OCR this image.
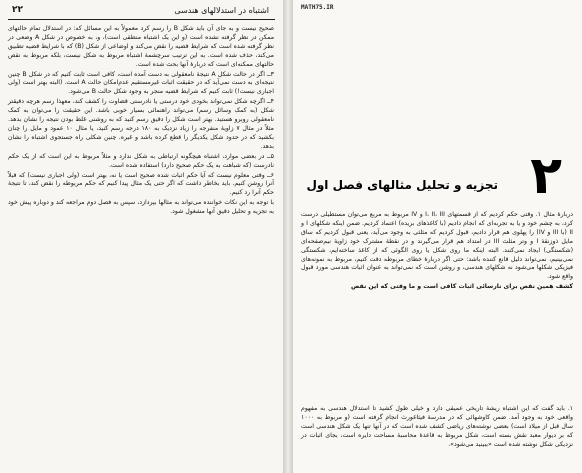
۲۲	اشتباه در استدلالهای هندسی

صحیح نیست و به جای آن باید شکل B را رسم کرد معمولاً به این مسائل که: در استدلال تمام حالتهای ممکن در نظر گرفته نشده است (و این یک اشتباه منطقی است)، و، به خصوص در شکل A وضعی در نظر گرفته شده است که شرایط قضیه را نقض می‌کند و اوضاعی از شکل (B) که با شرایط قضیه تطبیق می‌کند، حذف شده است. به این ترتیب سرچشمهٔ اشتباه مربوط به شکل نیست، بلکه مربوط به نقص حالتهای ممکنه‌ای است که دربارهٔ آنها بحث شده است.

۳ــ اگر در حالت شکل A نتیجهٔ نامعقولی به دست آمده است، کافی است ثابت کنیم که در شکل B چنین نتیجه‌ای به دست نمی‌آید که در حقیقت اثبات غیرمستقیم عدم‌امکان حالت A است. (البته بهتر است (ولی اجباری نیست!) ثابت کنیم که شرایط قضیه منجر به وجود شکل حالت B می‌شود.

۴ــ اگرچه شکل نمی‌تواند بخودی خود درستی یا نادرستی قضاوت را کشف کند، معهذا رسم هرچه دقیقتر شکل (به کمک وسائل رسم) می‌تواند راهنمائی بسیار خوبی باشد. این حقیقت را می‌توان به کمک نامعقولی روبرو هستید. بهتر است شکل را دقیق رسم کنید که به روشنی غلط بودن نتیجه را نشان بدهد. مثلاً در مثال ۷ زاویهٔ منفرجه را زیاد نزدیک به ۱۸۰ درجه رسم کنید، یا مثال ۱۰ عمود و مایل را چنان بکشید که در حدود شکل یکدیگر را قطع کرده باشد و غیره. چنین شکلی راه جستجوی اشتباه را نشان بدهد.

۵ــ در بعضی موارد، اشتباه هیچگونه ارتباطی به شکل ندارد و مثلاً مربوط به این است که از یک حکم نادرست (که شباهت به یک حکم صحیح دارد) استفاده شده است.

۶ــ وقتی معلوم نیست که آیا حکم اثبات شده صحیح است یا نه، بهتر است (ولی اجباری نیست) که قبلاً آنرا روشن کنیم. باید بخاطر داشت که اگر حتی یک مثال پیدا کنیم که حکم مربوطه را نقض کند، تا نتیجهٔ حکم آنرا رد کنیم.

با توجه به این نکات خواننده می‌تواند به مثالها بپردازد، سپس به فصل دوم مراجعه کند و دوباره پیش خود به تجزیه و تحلیل دقیق آنها مشغول شود.

MATH75.IR
۲
تجزیه و تحلیل مثالهای فصل اول

دربارهٔ مثال ۱. وقتی حکم کردیم که از قسمتهای I، II، III و IV مربوط به مربع می‌توان مستطیلی درست کرد، به چشم خود و یا به تجربه‌ای که انجام دادیم (با کاغذهای بریده) اعتماد کردیم. ضمن اینکه شکلهای I و II (با III و IV) را پهلوی هم قرار دادیم، قبول کردیم که مثلثی به وجود می‌آید، یعنی قبول کردیم که ساق مایل ذوزنقهٔ I و وتر مثلث III در امتداد هم قرار می‌گیرند و در نقطهٔ مشترک خود زاویهٔ نیم‌صفحه‌ای (شکستگی) ایجاد نمی‌کنند. البته اینکه ما روی شکل یا روی الگوئی که از کاغذ ساخته‌ایم، شکستگی نمی‌بینیم، نمی‌تواند دلیل قانع کننده باشد: حتی اگر دربارهٔ خطای مربوطه دقت کنیم، مربوط به نمونه‌های فیزیکی شکلها می‌شود نه شکلهای هندسی، و روشن است که نمی‌تواند به عنوان اثبات هندسی مورد قبول واقع شود.

کشف همین نقص برای نارسائی اثبات کافی است و ما وقتی که این نقص

۱. باید گفت که این اشتباه ریشهٔ تاریخی عمیقی دارد و خیلی طول کشید تا استدلال هندسی به مفهوم واقعی خود به وجود آمد. ضمن کاوشهائی که در مدرسهٔ فیثاغورث انجام گرفته است (و مربوط به ۱۰۰۰ سال قبل از میلاد است) بعضی نوشته‌های ریاضی کشف شده است که در آنها تنها یک شکل هندسی است که بر دیوار معبد نقش بسته است، شکل مربوط به قاعدهٔ محاسبهٔ مساحت دایره است، بجای اثبات در نزدیکی شکل نوشته شده است «ببینید می‌شود».
